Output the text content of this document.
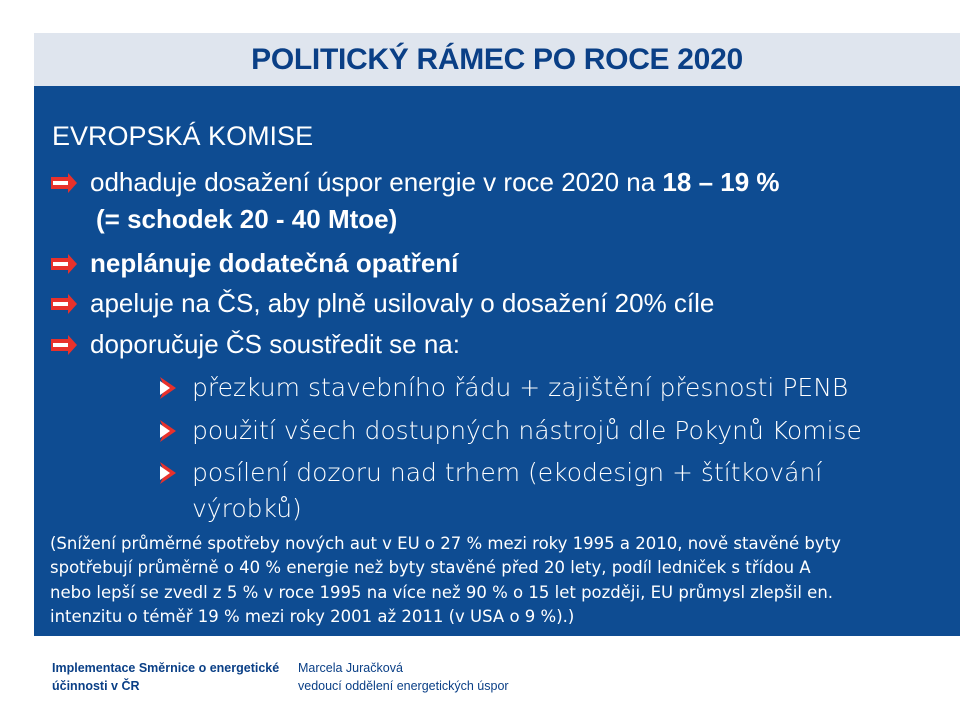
POLITICKÝ RÁMEC PO ROCE 2020
EVROPSKÁ KOMISE
odhaduje dosažení úspor energie v roce 2020 na 18 – 19 %
(= schodek 20 - 40 Mtoe)
neplánuje dodatečná opatření
apeluje na ČS, aby plně usilovaly o dosažení 20% cíle
doporučuje ČS soustředit se na:
přezkum stavebního řádu + zajištění přesnosti PENB
použití všech dostupných nástrojů dle Pokynů Komise
posílení dozoru nad trhem (ekodesign + štítkování
výrobků)

(Snížení průměrné spotřeby nových aut v EU o 27 % mezi roky 1995 a 2010, nově stavěné byty

spotřebují průměrně o 40 % energie než byty stavěné před 20 lety, podíl ledniček s třídou A

nebo lepší se zvedl z 5 % v roce 1995 na více než 90 % o 15 let později, EU průmysl zlepšil en.

intenzitu o téměř 19 % mezi roky 2001 až 2011 (v USA o 9 %).)

Implementace Směrnice o energetické

účinnosti v ČR

Marcela Juračková

vedoucí oddělení energetických úspor
